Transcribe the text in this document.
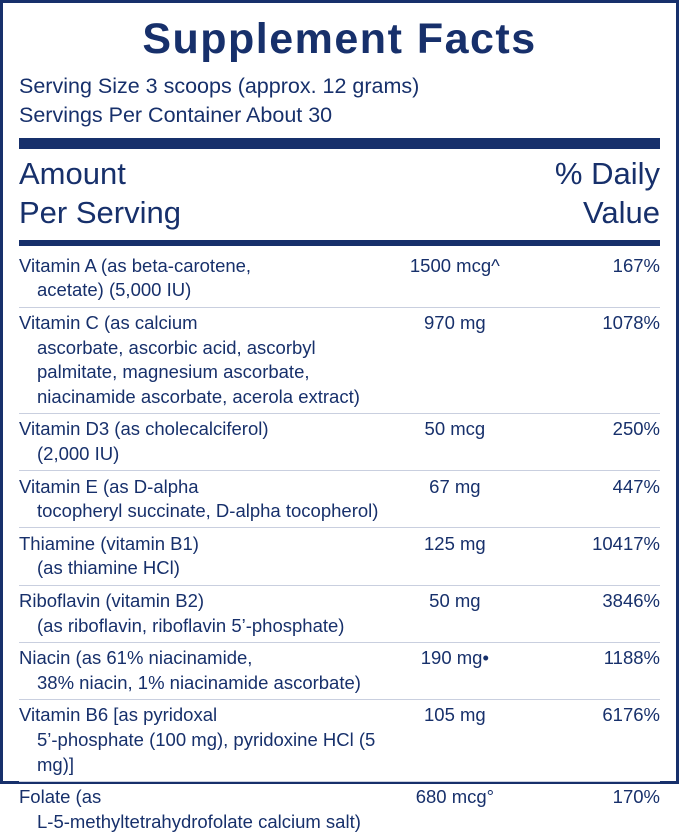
Supplement Facts
Serving Size 3 scoops (approx. 12 grams)
Servings Per Container About 30
Amount
Per Serving
% Daily
Value
Vitamin A (as beta-carotene,
acetate) (5,000 IU)	1500 mcg^	167%
Vitamin C (as calcium
ascorbate, ascorbic acid, ascorbyl palmitate, magnesium ascorbate, niacinamide ascorbate, acerola extract)	970 mg	1078%
Vitamin D3 (as cholecalciferol)
(2,000 IU)	50 mcg	250%
Vitamin E (as D-alpha
tocopheryl succinate, D-alpha tocopherol)	67 mg	447%
Thiamine (vitamin B1)
(as thiamine HCl)	125 mg	10417%
Riboflavin (vitamin B2)
(as riboflavin, riboflavin 5’-phosphate)	50 mg	3846%
Niacin (as 61% niacinamide,
38% niacin, 1% niacinamide ascorbate)	190 mg•	1188%
Vitamin B6 [as pyridoxal
5’-phosphate (100 mg), pyridoxine HCl (5 mg)]	105 mg	6176%
Folate (as
L-5-methyltetrahydrofolate calcium salt)	680 mcg°	170%
